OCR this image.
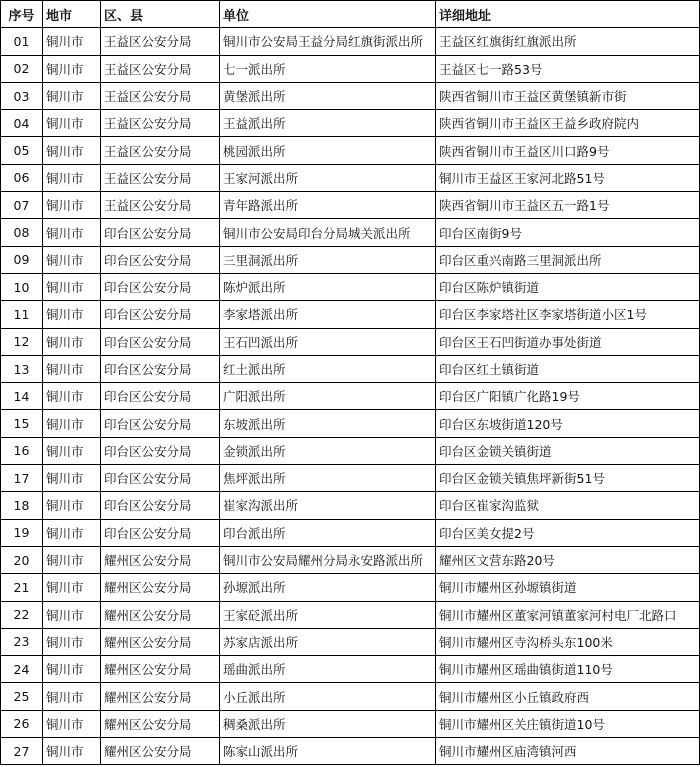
序号	地市	区、县	单位	详细地址
01	铜川市	王益区公安分局	铜川市公安局王益分局红旗街派出所	王益区红旗街红旗派出所
02	铜川市	王益区公安分局	七一派出所	王益区七一路53号
03	铜川市	王益区公安分局	黄堡派出所	陕西省铜川市王益区黄堡镇新市街
04	铜川市	王益区公安分局	王益派出所	陕西省铜川市王益区王益乡政府院内
05	铜川市	王益区公安分局	桃园派出所	陕西省铜川市王益区川口路9号
06	铜川市	王益区公安分局	王家河派出所	铜川市王益区王家河北路51号
07	铜川市	王益区公安分局	青年路派出所	陕西省铜川市王益区五一路1号
08	铜川市	印台区公安分局	铜川市公安局印台分局城关派出所	印台区南街9号
09	铜川市	印台区公安分局	三里洞派出所	印台区重兴南路三里洞派出所
10	铜川市	印台区公安分局	陈炉派出所	印台区陈炉镇街道
11	铜川市	印台区公安分局	李家塔派出所	印台区李家塔社区李家塔街道小区1号
12	铜川市	印台区公安分局	王石凹派出所	印台区王石凹街道办事处街道
13	铜川市	印台区公安分局	红土派出所	印台区红土镇街道
14	铜川市	印台区公安分局	广阳派出所	印台区广阳镇广化路19号
15	铜川市	印台区公安分局	东坡派出所	印台区东坡街道120号
16	铜川市	印台区公安分局	金锁派出所	印台区金锁关镇街道
17	铜川市	印台区公安分局	焦坪派出所	印台区金锁关镇焦坪新街51号
18	铜川市	印台区公安分局	崔家沟派出所	印台区崔家沟监狱
19	铜川市	印台区公安分局	印台派出所	印台区美女提2号
20	铜川市	耀州区公安分局	铜川市公安局耀州分局永安路派出所	耀州区文营东路20号
21	铜川市	耀州区公安分局	孙塬派出所	铜川市耀州区孙塬镇街道
22	铜川市	耀州区公安分局	王家砭派出所	铜川市耀州区董家河镇董家河村电厂北路口
23	铜川市	耀州区公安分局	苏家店派出所	铜川市耀州区寺沟桥头东100米
24	铜川市	耀州区公安分局	瑶曲派出所	铜川市耀州区瑶曲镇街道110号
25	铜川市	耀州区公安分局	小丘派出所	铜川市耀州区小丘镇政府西
26	铜川市	耀州区公安分局	稠桑派出所	铜川市耀州区关庄镇街道10号
27	铜川市	耀州区公安分局	陈家山派出所	铜川市耀州区庙湾镇河西
